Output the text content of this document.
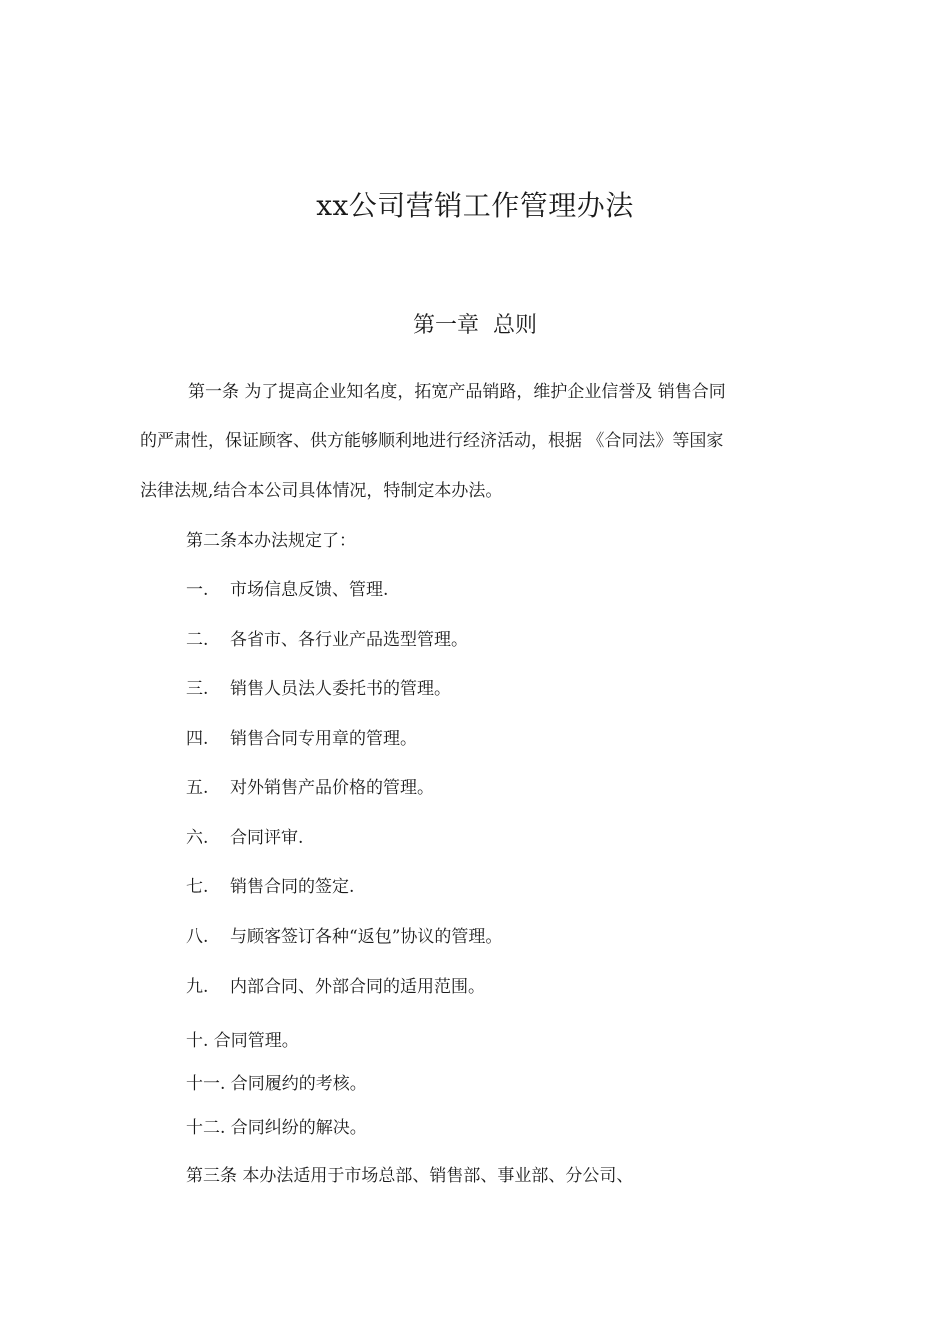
xx公司营销工作管理办法
第一章  总则
第一条 为了提高企业知名度，拓宽产品销路，维护企业信誉及 销售合同
的严肃性，保证顾客、供方能够顺利地进行经济活动，根据 《合同法》等国家
法律法规,结合本公司具体情况，特制定本办法。
第二条本办法规定了：
一. 市场信息反馈、管理.
二. 各省市、各行业产品选型管理。
三. 销售人员法人委托书的管理。
四. 销售合同专用章的管理。
五. 对外销售产品价格的管理。
六. 合同评审.
七. 销售合同的签定.
八. 与顾客签订各种“返包”协议的管理。
九. 内部合同、外部合同的适用范围。
十. 合同管理。
十一. 合同履约的考核。
十二. 合同纠纷的解决。
第三条 本办法适用于市场总部、销售部、事业部、分公司、
